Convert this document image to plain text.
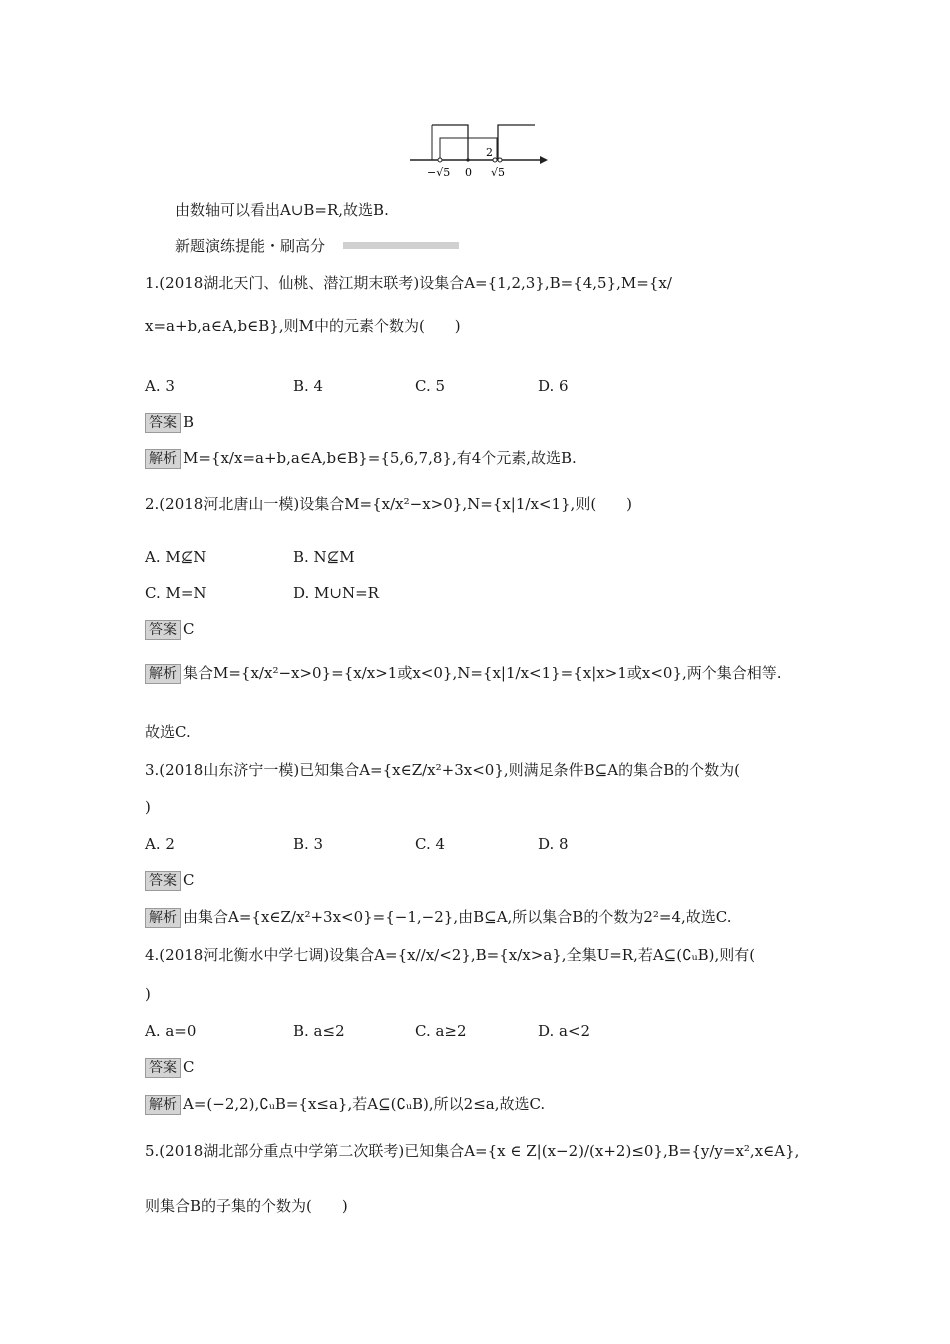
−√5 0
2
√5
由数轴可以看出A∪B=R,故选B.
新题演练提能・刷高分
1.(2018湖北天门、仙桃、潜江期末联考)设集合A={1,2,3},B={4,5},M={x/
x=a+b,a∈A,b∈B},则M中的元素个数为(　　)
A. 3	B. 4	C. 5	D. 6
答案 B
解析 M={x/x=a+b,a∈A,b∈B}={5,6,7,8},有4个元素,故选B.
2.(2018河北唐山一模)设集合M={x/x²−x>0},N={x|1/x<1},则(　　)
A. M⊈N	B. N⊈M
C. M=N	D. M∪N=R
答案 C
解析 集合M={x/x²−x>0}={x/x>1或x<0},N={x|1/x<1}={x|x>1或x<0},两个集合相等.
故选C.
3.(2018山东济宁一模)已知集合A={x∈Z/x²+3x<0},则满足条件B⊆A的集合B的个数为(
)
A. 2	B. 3	C. 4	D. 8
答案 C
解析 由集合A={x∈Z/x²+3x<0}={−1,−2},由B⊆A,所以集合B的个数为2²=4,故选C.
4.(2018河北衡水中学七调)设集合A={x//x/<2},B={x/x>a},全集U=R,若A⊆(∁ᵤB),则有(
)
A. a=0	B. a≤2	C. a≥2	D. a<2
答案 C
解析 A=(−2,2),∁ᵤB={x≤a},若A⊆(∁ᵤB),所以2≤a,故选C.
5.(2018湖北部分重点中学第二次联考)已知集合A={x ∈ Z|(x−2)/(x+2)≤0},B={y/y=x²,x∈A},
则集合B的子集的个数为(　　)
